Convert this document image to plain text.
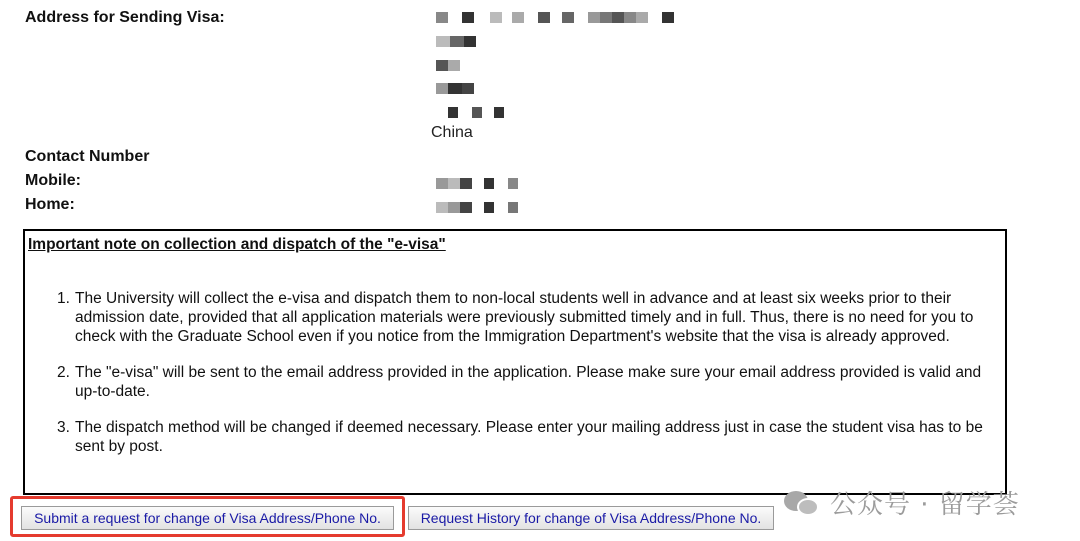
Address for Sending Visa:
China
Contact Number
Mobile:
Home:
Important note on collection and dispatch of the "e-visa"
1. The University will collect the e-visa and dispatch them to non-local students well in advance and at least six weeks prior to their admission date, provided that all application materials were previously submitted timely and in full. Thus, there is no need for you to check with the Graduate School even if you notice from the Immigration Department's website that the visa is already approved.
2. The "e-visa" will be sent to the email address provided in the application. Please make sure your email address provided is valid and up-to-date.
3. The dispatch method will be changed if deemed necessary. Please enter your mailing address just in case the student visa has to be sent by post.
Submit a request for change of Visa Address/Phone No.	Request History for change of Visa Address/Phone No.	公众号 · 留学荟
